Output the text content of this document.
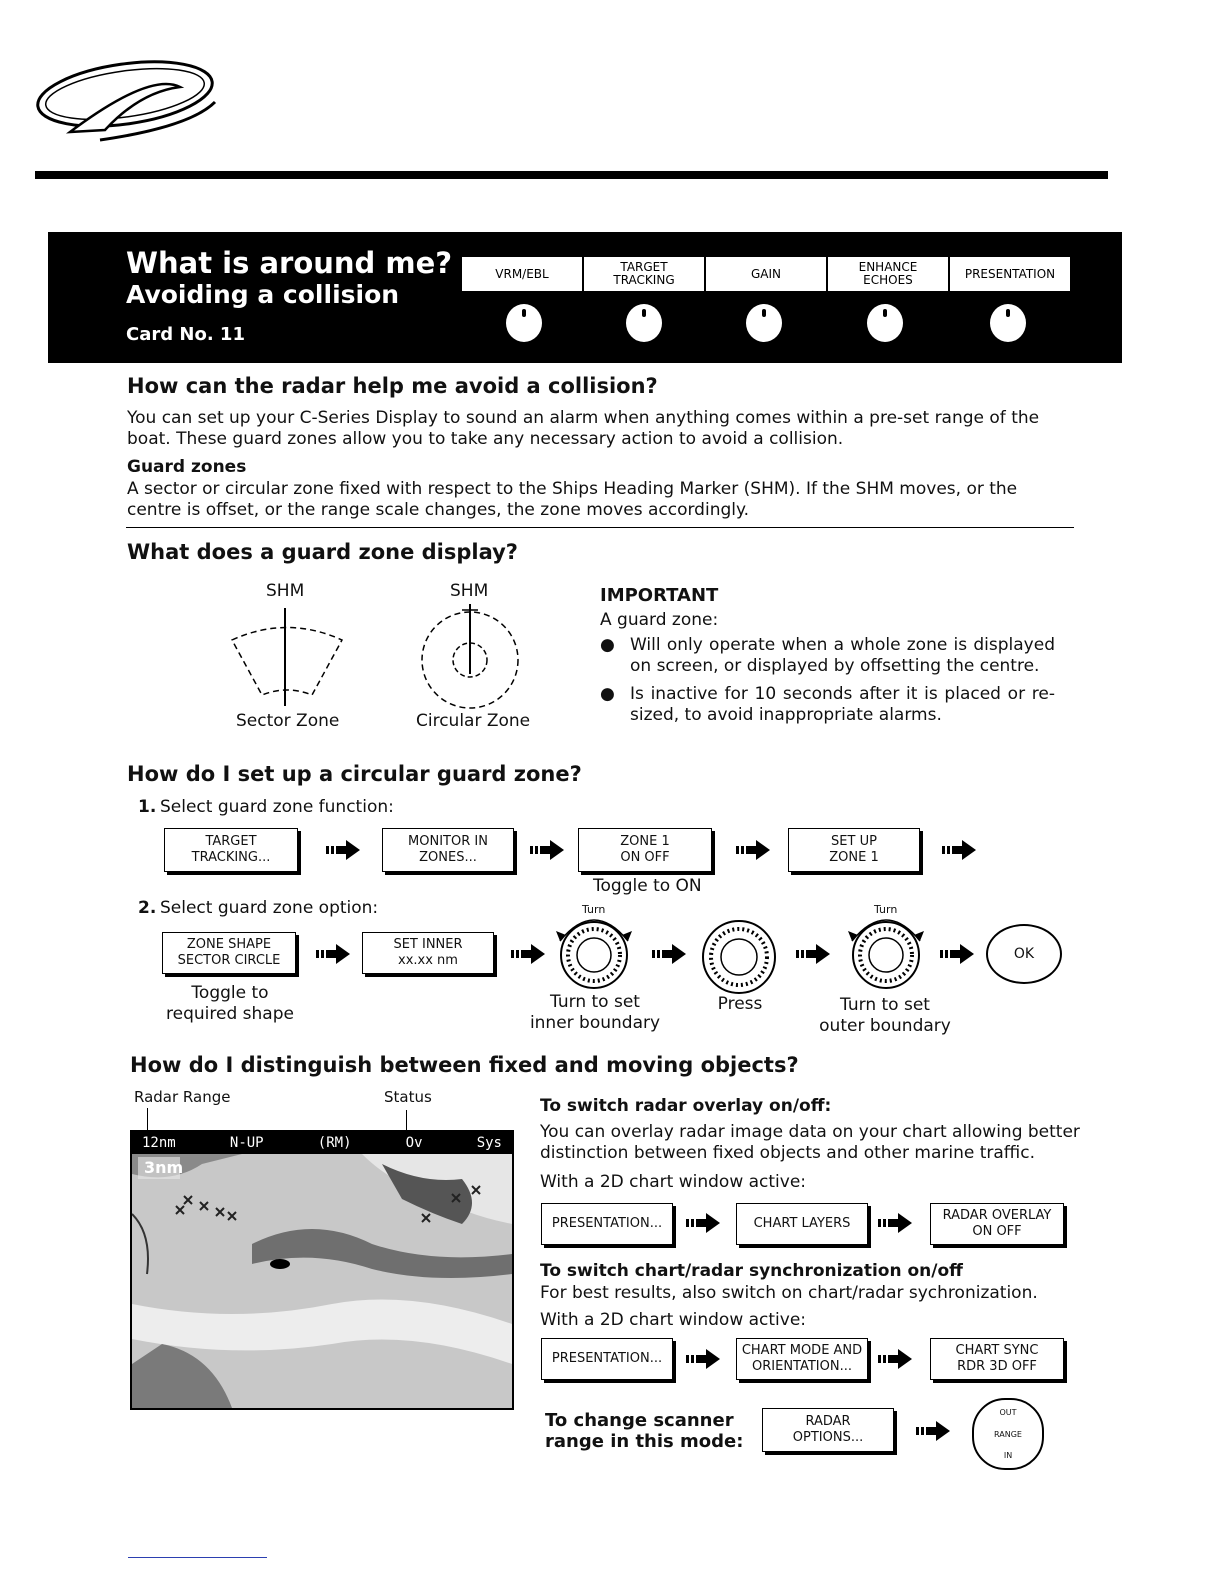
What is around me?
Avoiding a collision
Card No. 11
VRM/EBL	TARGET
TRACKING	GAIN	ENHANCE
ECHOES	PRESENTATION
How can the radar help me avoid a collision?
You can set up your C-Series Display to sound an alarm when anything comes within a pre-set range of the boat. These guard zones allow you to take any necessary action to avoid a collision.
Guard zones
A sector or circular zone fixed with respect to the Ships Heading Marker (SHM). If the SHM moves, or the centre is offset, or the range scale changes, the zone moves accordingly.
What does a guard zone display?
SHM	SHM
Sector Zone	Circular Zone
IMPORTANT
A guard zone:
● Will only operate when a whole zone is displayed on screen, or displayed by offsetting the centre.
● Is inactive for 10 seconds after it is placed or re-sized, to avoid inappropriate alarms.
How do I set up a circular guard zone?
1. Select guard zone function:
TARGET
TRACKING...
MONITOR IN
ZONES...
ZONE 1
ON OFF
SET UP
ZONE 1
Toggle to ON
2. Select guard zone option:
ZONE SHAPE
SECTOR CIRCLE
SET INNER
xx.xx nm
Turn	Turn
OK
Toggle to
required shape
Turn to set
inner boundary
Press	Turn to set
outer boundary
How do I distinguish between fixed and moving objects?
Radar Range	Status
12nm	N-UP	(RM)	Ov	Sys
3nm
To switch radar overlay on/off:
You can overlay radar image data on your chart allowing better distinction between fixed objects and other marine traffic.
With a 2D chart window active:
PRESENTATION...	CHART LAYERS
RADAR OVERLAY
ON OFF
To switch chart/radar synchronization on/off
For best results, also switch on chart/radar sychronization.
With a 2D chart window active:
PRESENTATION...
CHART MODE AND
ORIENTATION...
CHART SYNC
RDR 3D OFF
To change scanner
range in this mode:
RADAR
OPTIONS...
OUT
RANGE
IN
